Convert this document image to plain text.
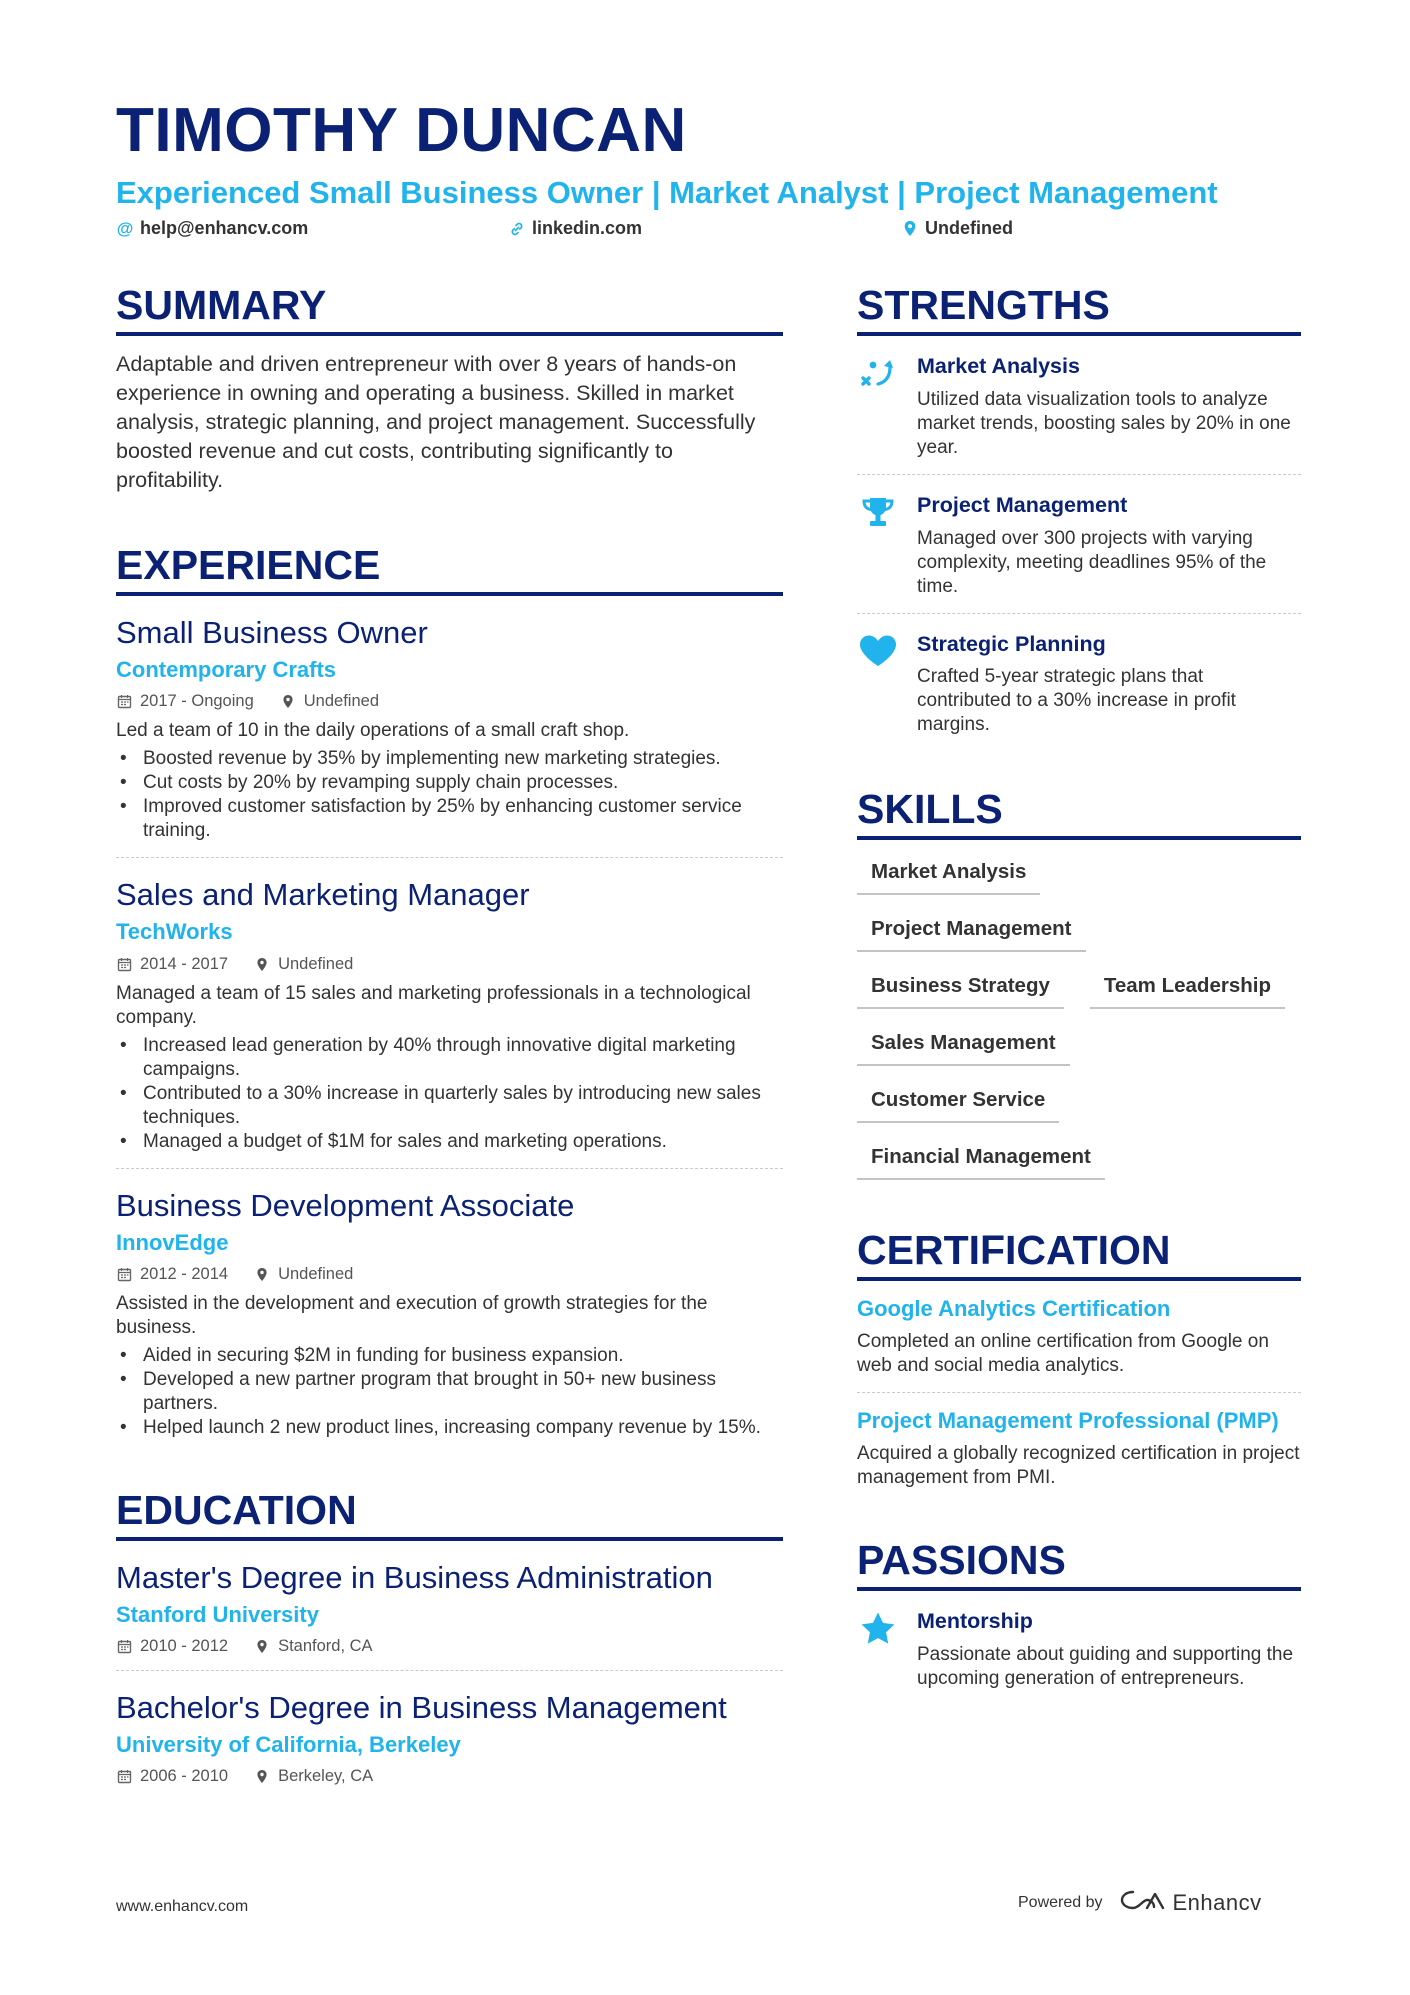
TIMOTHY DUNCAN
Experienced Small Business Owner | Market Analyst | Project Management
@ help@enhancv.com	linkedin.com	Undefined
SUMMARY
Adaptable and driven entrepreneur with over 8 years of hands-on experience in owning and operating a business. Skilled in market analysis, strategic planning, and project management. Successfully boosted revenue and cut costs, contributing significantly to profitability.
EXPERIENCE
Small Business Owner
Contemporary Crafts
2017 - Ongoing	Undefined
Led a team of 10 in the daily operations of a small craft shop.
• Boosted revenue by 35% by implementing new marketing strategies.
• Cut costs by 20% by revamping supply chain processes.
• Improved customer satisfaction by 25% by enhancing customer service training.
Sales and Marketing Manager
TechWorks
2014 - 2017	Undefined
Managed a team of 15 sales and marketing professionals in a technological company.
• Increased lead generation by 40% through innovative digital marketing campaigns.
• Contributed to a 30% increase in quarterly sales by introducing new sales techniques.
• Managed a budget of $1M for sales and marketing operations.
Business Development Associate
InnovEdge
2012 - 2014	Undefined
Assisted in the development and execution of growth strategies for the business.
• Aided in securing $2M in funding for business expansion.
• Developed a new partner program that brought in 50+ new business partners.
• Helped launch 2 new product lines, increasing company revenue by 15%.
EDUCATION
Master's Degree in Business Administration
Stanford University
2010 - 2012	Stanford, CA
Bachelor's Degree in Business Management
University of California, Berkeley
2006 - 2010	Berkeley, CA
STRENGTHS
Market Analysis
Utilized data visualization tools to analyze market trends, boosting sales by 20% in one year.
Project Management
Managed over 300 projects with varying complexity, meeting deadlines 95% of the time.
Strategic Planning
Crafted 5-year strategic plans that contributed to a 30% increase in profit margins.
SKILLS
Market Analysis
Project Management
Business Strategy	Team Leadership
Sales Management
Customer Service
Financial Management
CERTIFICATION
Google Analytics Certification
Completed an online certification from Google on web and social media analytics.
Project Management Professional (PMP)
Acquired a globally recognized certification in project management from PMI.
PASSIONS
Mentorship
Passionate about guiding and supporting the upcoming generation of entrepreneurs.
www.enhancv.com	Powered by	Enhancv
